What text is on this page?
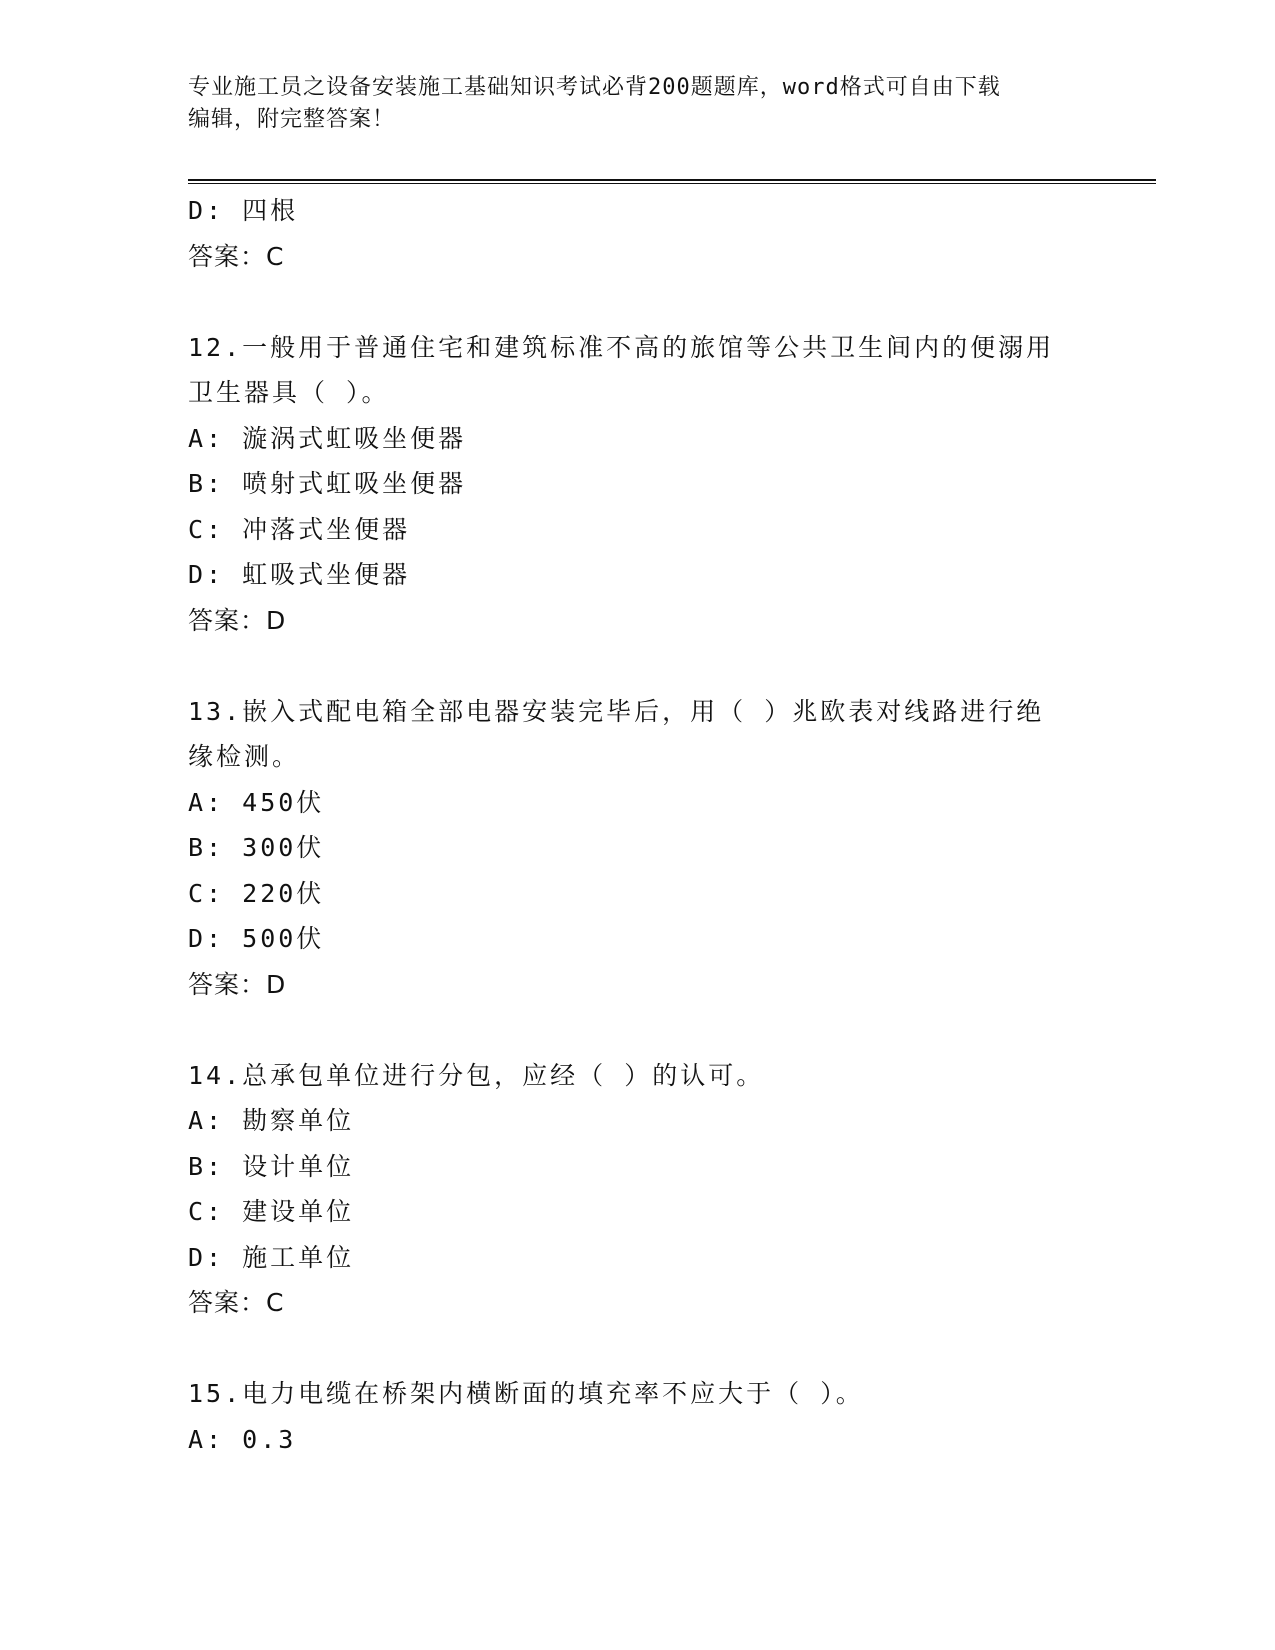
专业施工员之设备安装施工基础知识考试必背200题题库，word格式可自由下载
编辑，附完整答案！
D: 四根
答案：C
12.一般用于普通住宅和建筑标准不高的旅馆等公共卫生间内的便溺用
卫生器具（ ）。
A: 漩涡式虹吸坐便器
B: 喷射式虹吸坐便器
C: 冲落式坐便器
D: 虹吸式坐便器
答案：D
13.嵌入式配电箱全部电器安装完毕后，用（ ）兆欧表对线路进行绝
缘检测。
A: 450伏
B: 300伏
C: 220伏
D: 500伏
答案：D
14.总承包单位进行分包，应经（ ）的认可。
A: 勘察单位
B: 设计单位
C: 建设单位
D: 施工单位
答案：C
15.电力电缆在桥架内横断面的填充率不应大于（ ）。
A: 0.3
